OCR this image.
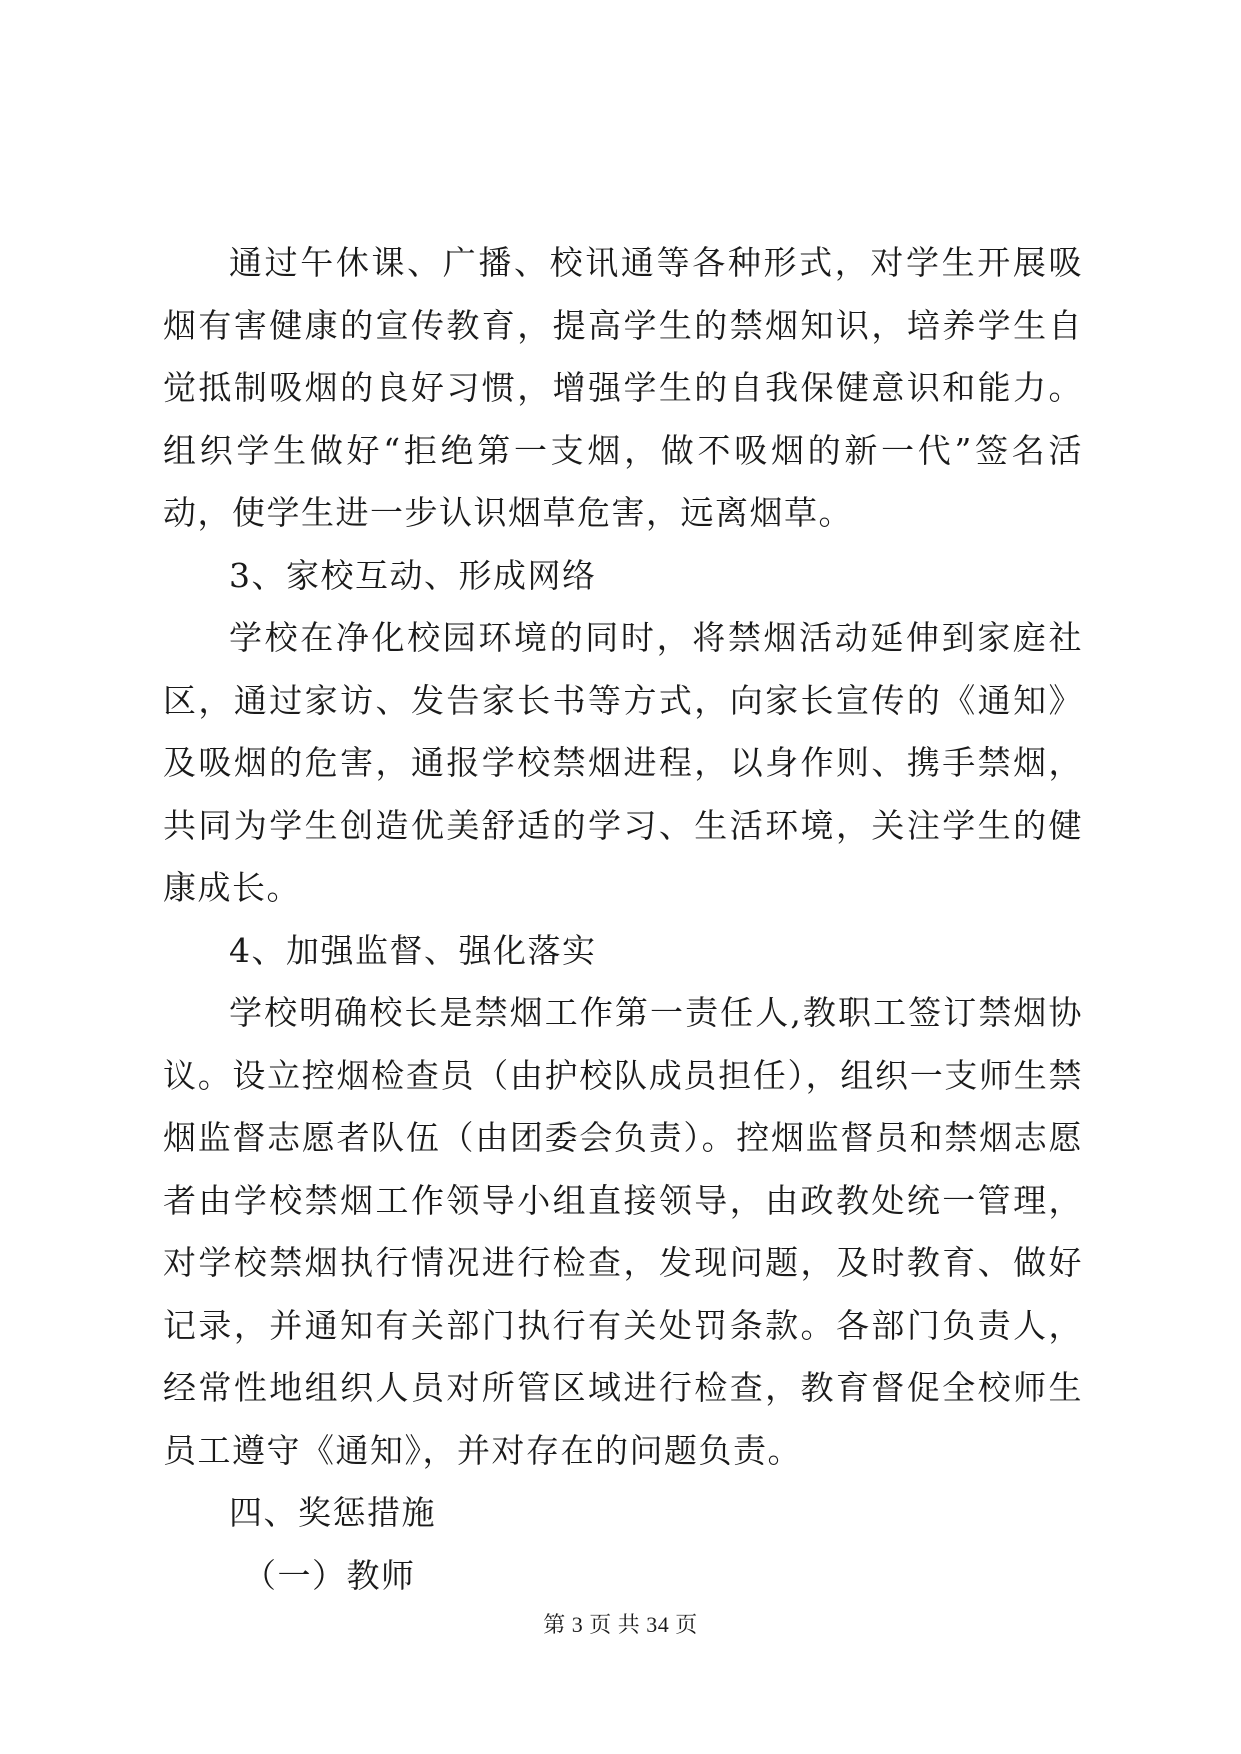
通过午休课、广播、校讯通等各种形式，对学生开展吸烟有害健康的宣传教育，提高学生的禁烟知识，培养学生自觉抵制吸烟的良好习惯，增强学生的自我保健意识和能力。组织学生做好“拒绝第一支烟，做不吸烟的新一代”签名活动，使学生进一步认识烟草危害，远离烟草。

3、家校互动、形成网络

学校在净化校园环境的同时，将禁烟活动延伸到家庭社区，通过家访、发告家长书等方式，向家长宣传的《通知》及吸烟的危害，通报学校禁烟进程，以身作则、携手禁烟，共同为学生创造优美舒适的学习、生活环境，关注学生的健康成长。

4、加强监督、强化落实

学校明确校长是禁烟工作第一责任人,教职工签订禁烟协议。设立控烟检查员（由护校队成员担任），组织一支师生禁烟监督志愿者队伍（由团委会负责）。控烟监督员和禁烟志愿者由学校禁烟工作领导小组直接领导，由政教处统一管理，对学校禁烟执行情况进行检查，发现问题，及时教育、做好记录，并通知有关部门执行有关处罚条款。各部门负责人，经常性地组织人员对所管区域进行检查，教育督促全校师生员工遵守《通知》，并对存在的问题负责。

四、奖惩措施

（一）教师

第 3 页 共 34 页
